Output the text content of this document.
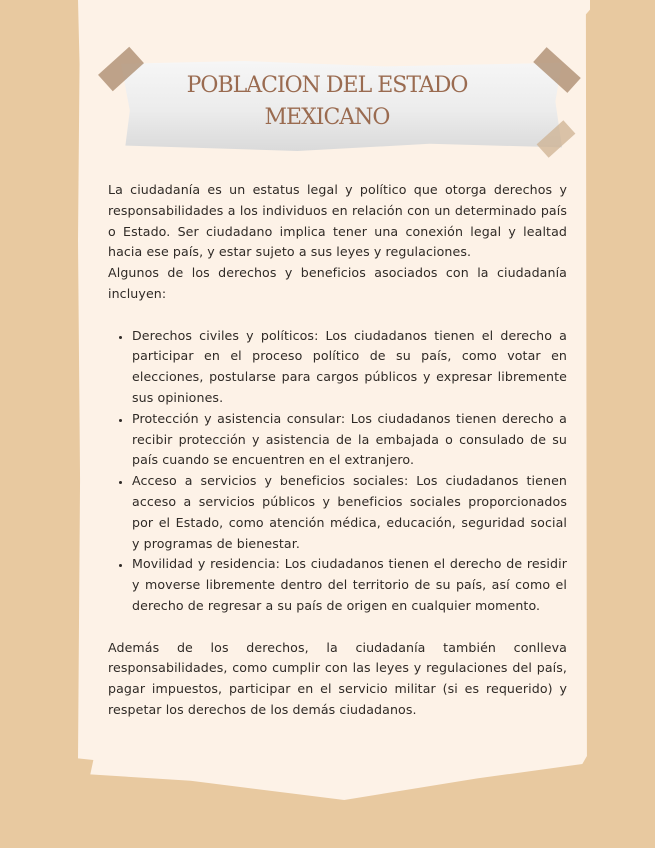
POBLACION DEL ESTADO
MEXICANO

La ciudadanía es un estatus legal y político que otorga derechos y responsabilidades a los individuos en relación con un determinado país o Estado. Ser ciudadano implica tener una conexión legal y lealtad hacia ese país, y estar sujeto a sus leyes y regulaciones.

Algunos de los derechos y beneficios asociados con la ciudadanía incluyen:

• Derechos civiles y políticos: Los ciudadanos tienen el derecho a participar en el proceso político de su país, como votar en elecciones, postularse para cargos públicos y expresar libremente sus opiniones.
• Protección y asistencia consular: Los ciudadanos tienen derecho a recibir protección y asistencia de la embajada o consulado de su país cuando se encuentren en el extranjero.
• Acceso a servicios y beneficios sociales: Los ciudadanos tienen acceso a servicios públicos y beneficios sociales proporcionados por el Estado, como atención médica, educación, seguridad social y programas de bienestar.
• Movilidad y residencia: Los ciudadanos tienen el derecho de residir y moverse libremente dentro del territorio de su país, así como el derecho de regresar a su país de origen en cualquier momento.

Además de los derechos, la ciudadanía también conlleva responsabilidades, como cumplir con las leyes y regulaciones del país, pagar impuestos, participar en el servicio militar (si es requerido) y respetar los derechos de los demás ciudadanos.
